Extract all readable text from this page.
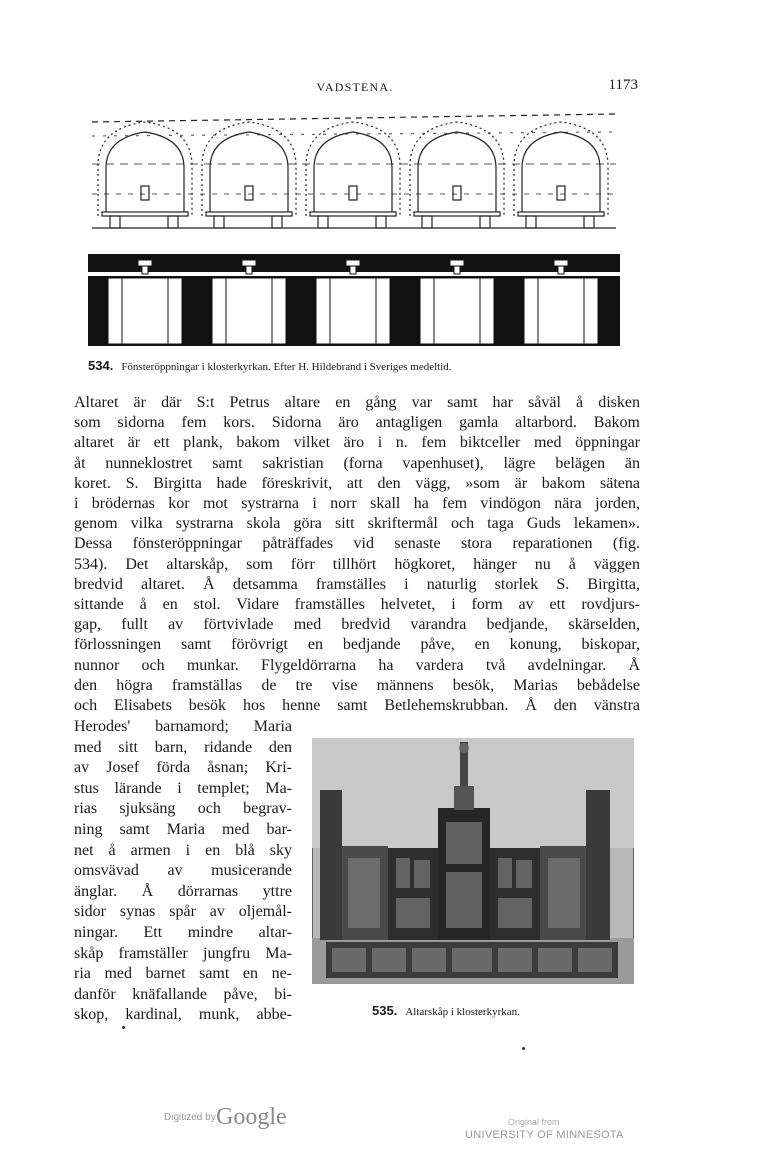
VADSTENA.	1173
534. Fönsteröppningar i klosterkyrkan. Efter H. Hildebrand i Sveriges medeltid.
Altaret är där S:t Petrus altare en gång var samt har såväl å disken
som sidorna fem kors. Sidorna äro antagligen gamla altarbord. Bakom
altaret är ett plank, bakom vilket äro i n. fem biktceller med öppningar
åt nunneklostret samt sakristian (forna vapenhuset), lägre belägen än
koret. S. Birgitta hade föreskrivit, att den vägg, »som är bakom sätena
i brödernas kor mot systrarna i norr skall ha fem vindögon nära jorden,
genom vilka systrarna skola göra sitt skriftermål och taga Guds lekamen».
Dessa fönsteröppningar påträffades vid senaste stora reparationen (fig.
534). Det altarskåp, som förr tillhört högkoret, hänger nu å väggen
bredvid altaret. Å detsamma framställes i naturlig storlek S. Birgitta,
sittande å en stol. Vidare framställes helvetet, i form av ett rovdjurs-
gap, fullt av förtvivlade med bredvid varandra bedjande, skärselden,
förlossningen samt förövrigt en bedjande påve, en konung, biskopar,
nunnor och munkar. Flygeldörrarna ha vardera två avdelningar. Å
den högra framställas de tre vise männens besök, Marias bebådelse
och Elisabets besök hos henne samt Betlehemskrubban. Å den vänstra
Herodes' barnamord; Maria
med sitt barn, ridande den
av Josef förda åsnan; Kri-
stus lärande i templet; Ma-
rias sjuksäng och begrav-
ning samt Maria med bar-
net å armen i en blå sky
omsvävad av musicerande
änglar. Å dörrarnas yttre
sidor synas spår av oljemål-
ningar. Ett mindre altar-
skåp framställer jungfru Ma-
ria med barnet samt en ne-
danför knäfallande påve, bi-
skop, kardinal, munk, abbe-	535. Altarskåp i klosterkyrkan.
Digitized by Google	Original from
UNIVERSITY OF MINNESOTA
